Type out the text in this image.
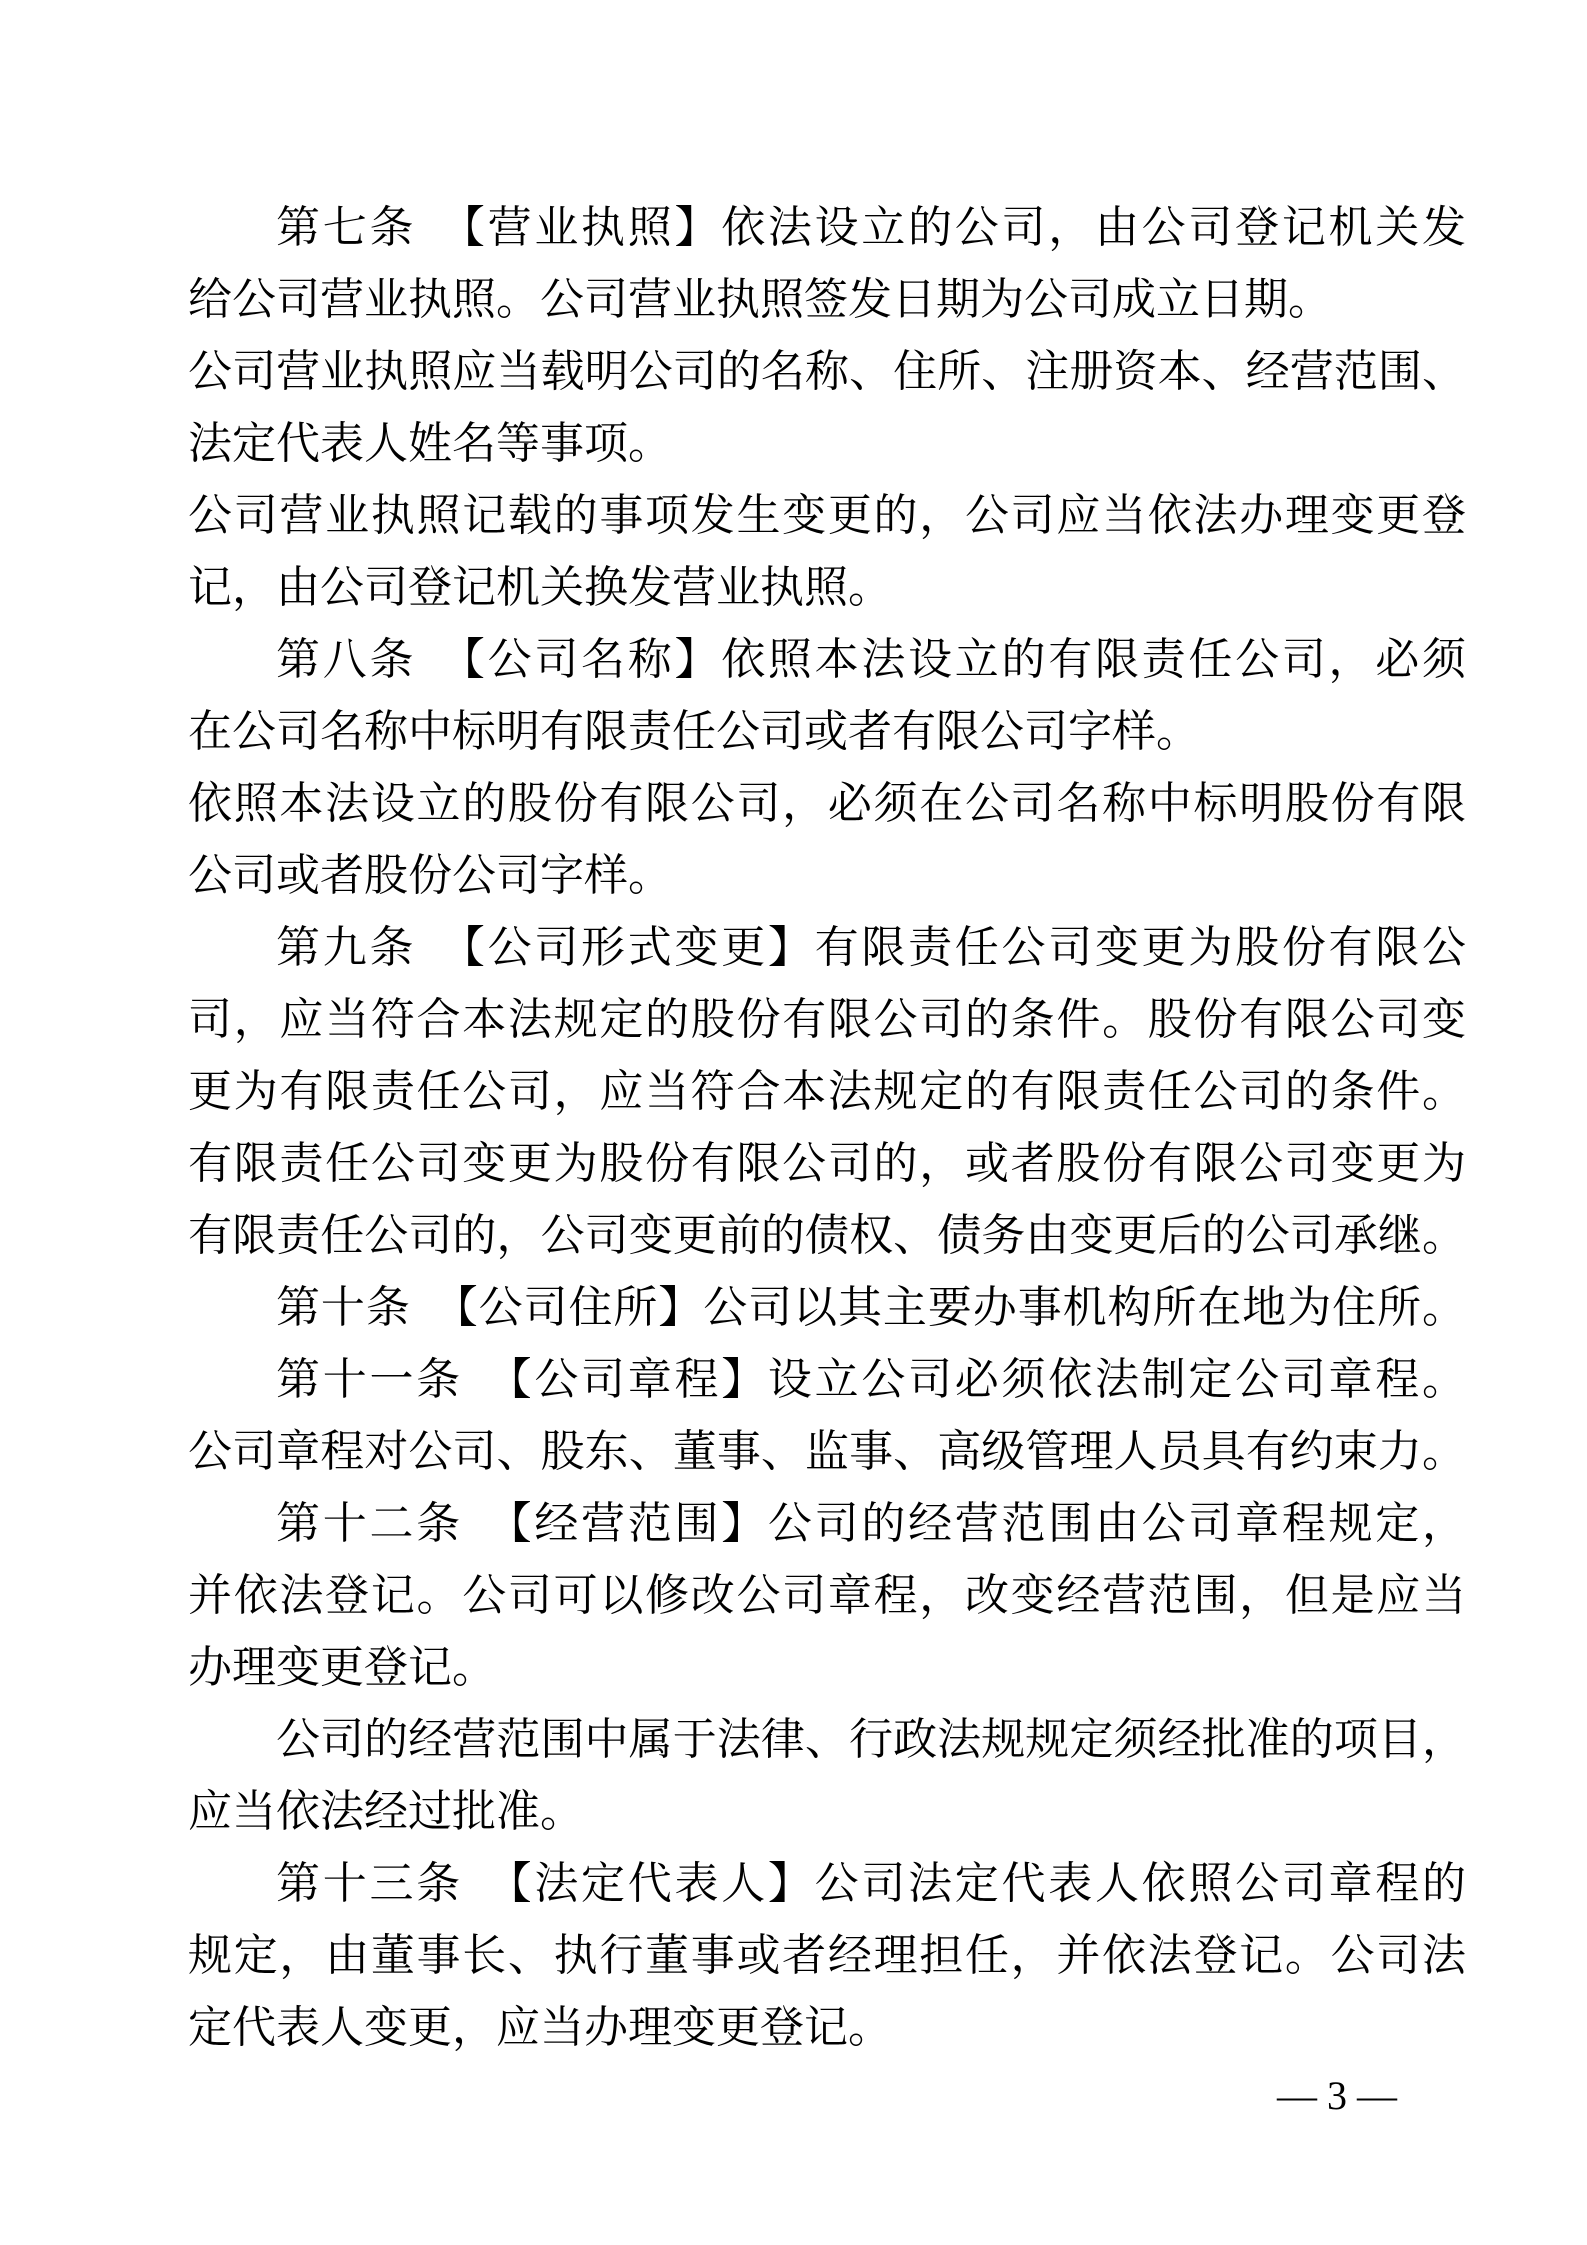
第七条　【营业执照】依法设立的公司，由公司登记机关发
给公司营业执照。公司营业执照签发日期为公司成立日期。
公司营业执照应当载明公司的名称、住所、注册资本、经营范围、
法定代表人姓名等事项。
公司营业执照记载的事项发生变更的，公司应当依法办理变更登
记，由公司登记机关换发营业执照。
第八条　【公司名称】依照本法设立的有限责任公司，必须
在公司名称中标明有限责任公司或者有限公司字样。
依照本法设立的股份有限公司，必须在公司名称中标明股份有限
公司或者股份公司字样。
第九条　【公司形式变更】有限责任公司变更为股份有限公
司，应当符合本法规定的股份有限公司的条件。股份有限公司变
更为有限责任公司，应当符合本法规定的有限责任公司的条件。
有限责任公司变更为股份有限公司的，或者股份有限公司变更为
有限责任公司的，公司变更前的债权、债务由变更后的公司承继。
第十条　【公司住所】公司以其主要办事机构所在地为住所。
第十一条　【公司章程】设立公司必须依法制定公司章程。
公司章程对公司、股东、董事、监事、高级管理人员具有约束力。
第十二条　【经营范围】公司的经营范围由公司章程规定，
并依法登记。公司可以修改公司章程，改变经营范围，但是应当
办理变更登记。
公司的经营范围中属于法律、行政法规规定须经批准的项目，
应当依法经过批准。
第十三条　【法定代表人】公司法定代表人依照公司章程的
规定，由董事长、执行董事或者经理担任，并依法登记。公司法
定代表人变更，应当办理变更登记。
— 3 —
